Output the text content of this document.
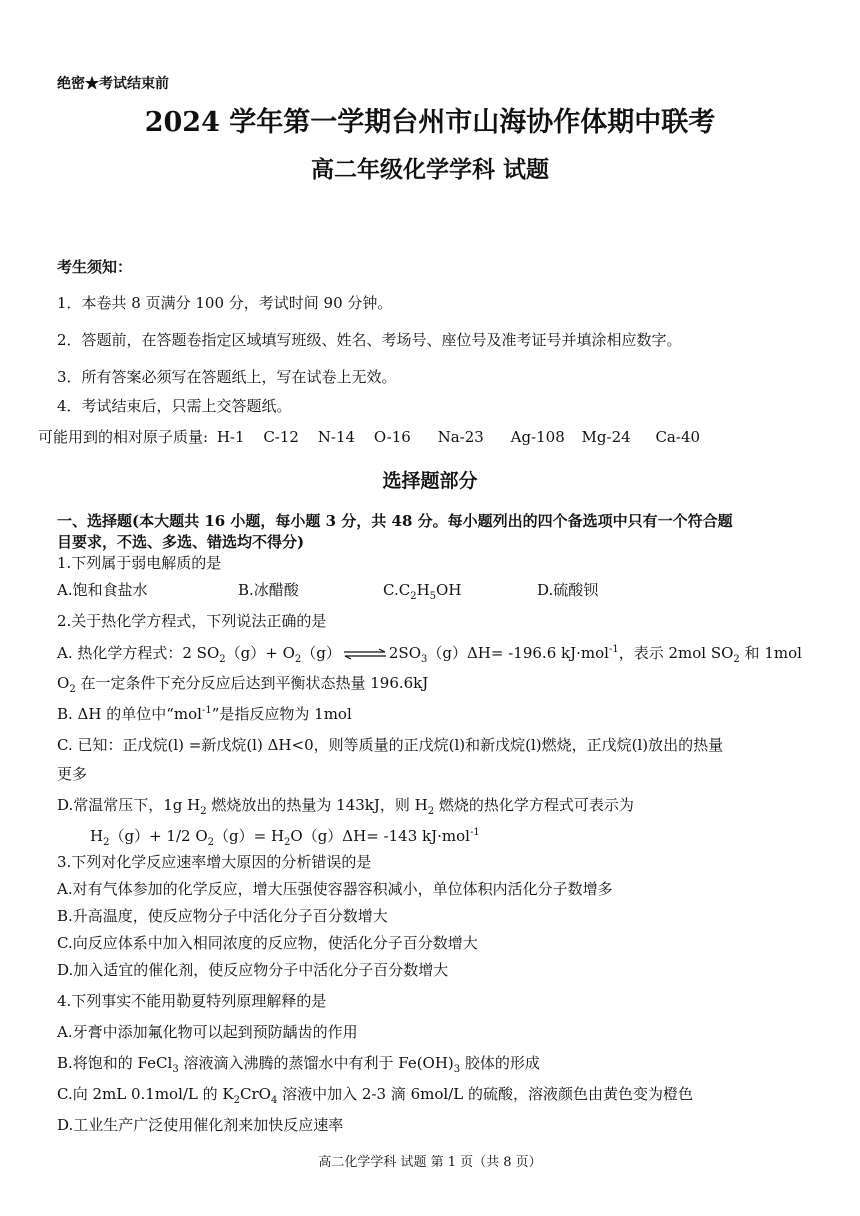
绝密★考试结束前
2024 学年第一学期台州市山海协作体期中联考
高二年级化学学科 试题
考生须知：
1．本卷共 8 页满分 100 分，考试时间 90 分钟。
2．答题前，在答题卷指定区域填写班级、姓名、考场号、座位号及准考证号并填涂相应数字。
3．所有答案必须写在答题纸上，写在试卷上无效。
4．考试结束后，只需上交答题纸。
可能用到的相对原子质量: H-1 C-12 N-14 O-16 Na-23 Ag-108 Mg-24 Ca-40
选择题部分
一、选择题(本大题共 16 小题，每小题 3 分，共 48 分。每小题列出的四个备选项中只有一个符合题
目要求，不选、多选、错选均不得分)
1.下列属于弱电解质的是
A.饱和食盐水	B.冰醋酸	$C.C_2H_5OH$	D.硫酸钡
2.关于热化学方程式，下列说法正确的是
A. 热化学方程式：2 $SO_2(g)+ O_2(g)$ ⇌ $2SO_3(g)\Delta H= -196.6$ kJ·mol$^{-1}$，表示 2mol $SO_2$ 和 1mol
$O_2$ 在一定条件下充分反应后达到平衡状态热量 196.6kJ
B. ΔH 的单位中“mol$^{-1}$”是指反应物为 1mol
C. 已知：正戊烷(l) =新戊烷(l) ΔH<0，则等质量的正戊烷(l)和新戊烷(l)燃烧，正戊烷(l)放出的热量
更多
D.常温常压下，1g $H_2$ 燃烧放出的热量为 143kJ，则 $H_2$ 燃烧的热化学方程式可表示为
$H_2(g)+ 1/2$ $O_2(g)= H_2O(g)\Delta H= -143$ kJ·mol$^{-1}$
3.下列对化学反应速率增大原因的分析错误的是
A.对有气体参加的化学反应，增大压强使容器容积减小，单位体积内活化分子数增多
B.升高温度，使反应物分子中活化分子百分数增大
C.向反应体系中加入相同浓度的反应物，使活化分子百分数增大
D.加入适宜的催化剂，使反应物分子中活化分子百分数增大
4.下列事实不能用勒夏特列原理解释的是
A.牙膏中添加氟化物可以起到预防龋齿的作用
B.将饱和的 FeCl$_3$ 溶液滴入沸腾的蒸馏水中有利于 $Fe(OH)_3$ 胶体的形成
C.向 2mL 0.1mol/L 的 $K_2CrO_4$ 溶液中加入 2-3 滴 6mol/L 的硫酸，溶液颜色由黄色变为橙色
D.工业生产广泛使用催化剂来加快反应速率
高二化学学科 试题 第 1 页（共 8 页）
